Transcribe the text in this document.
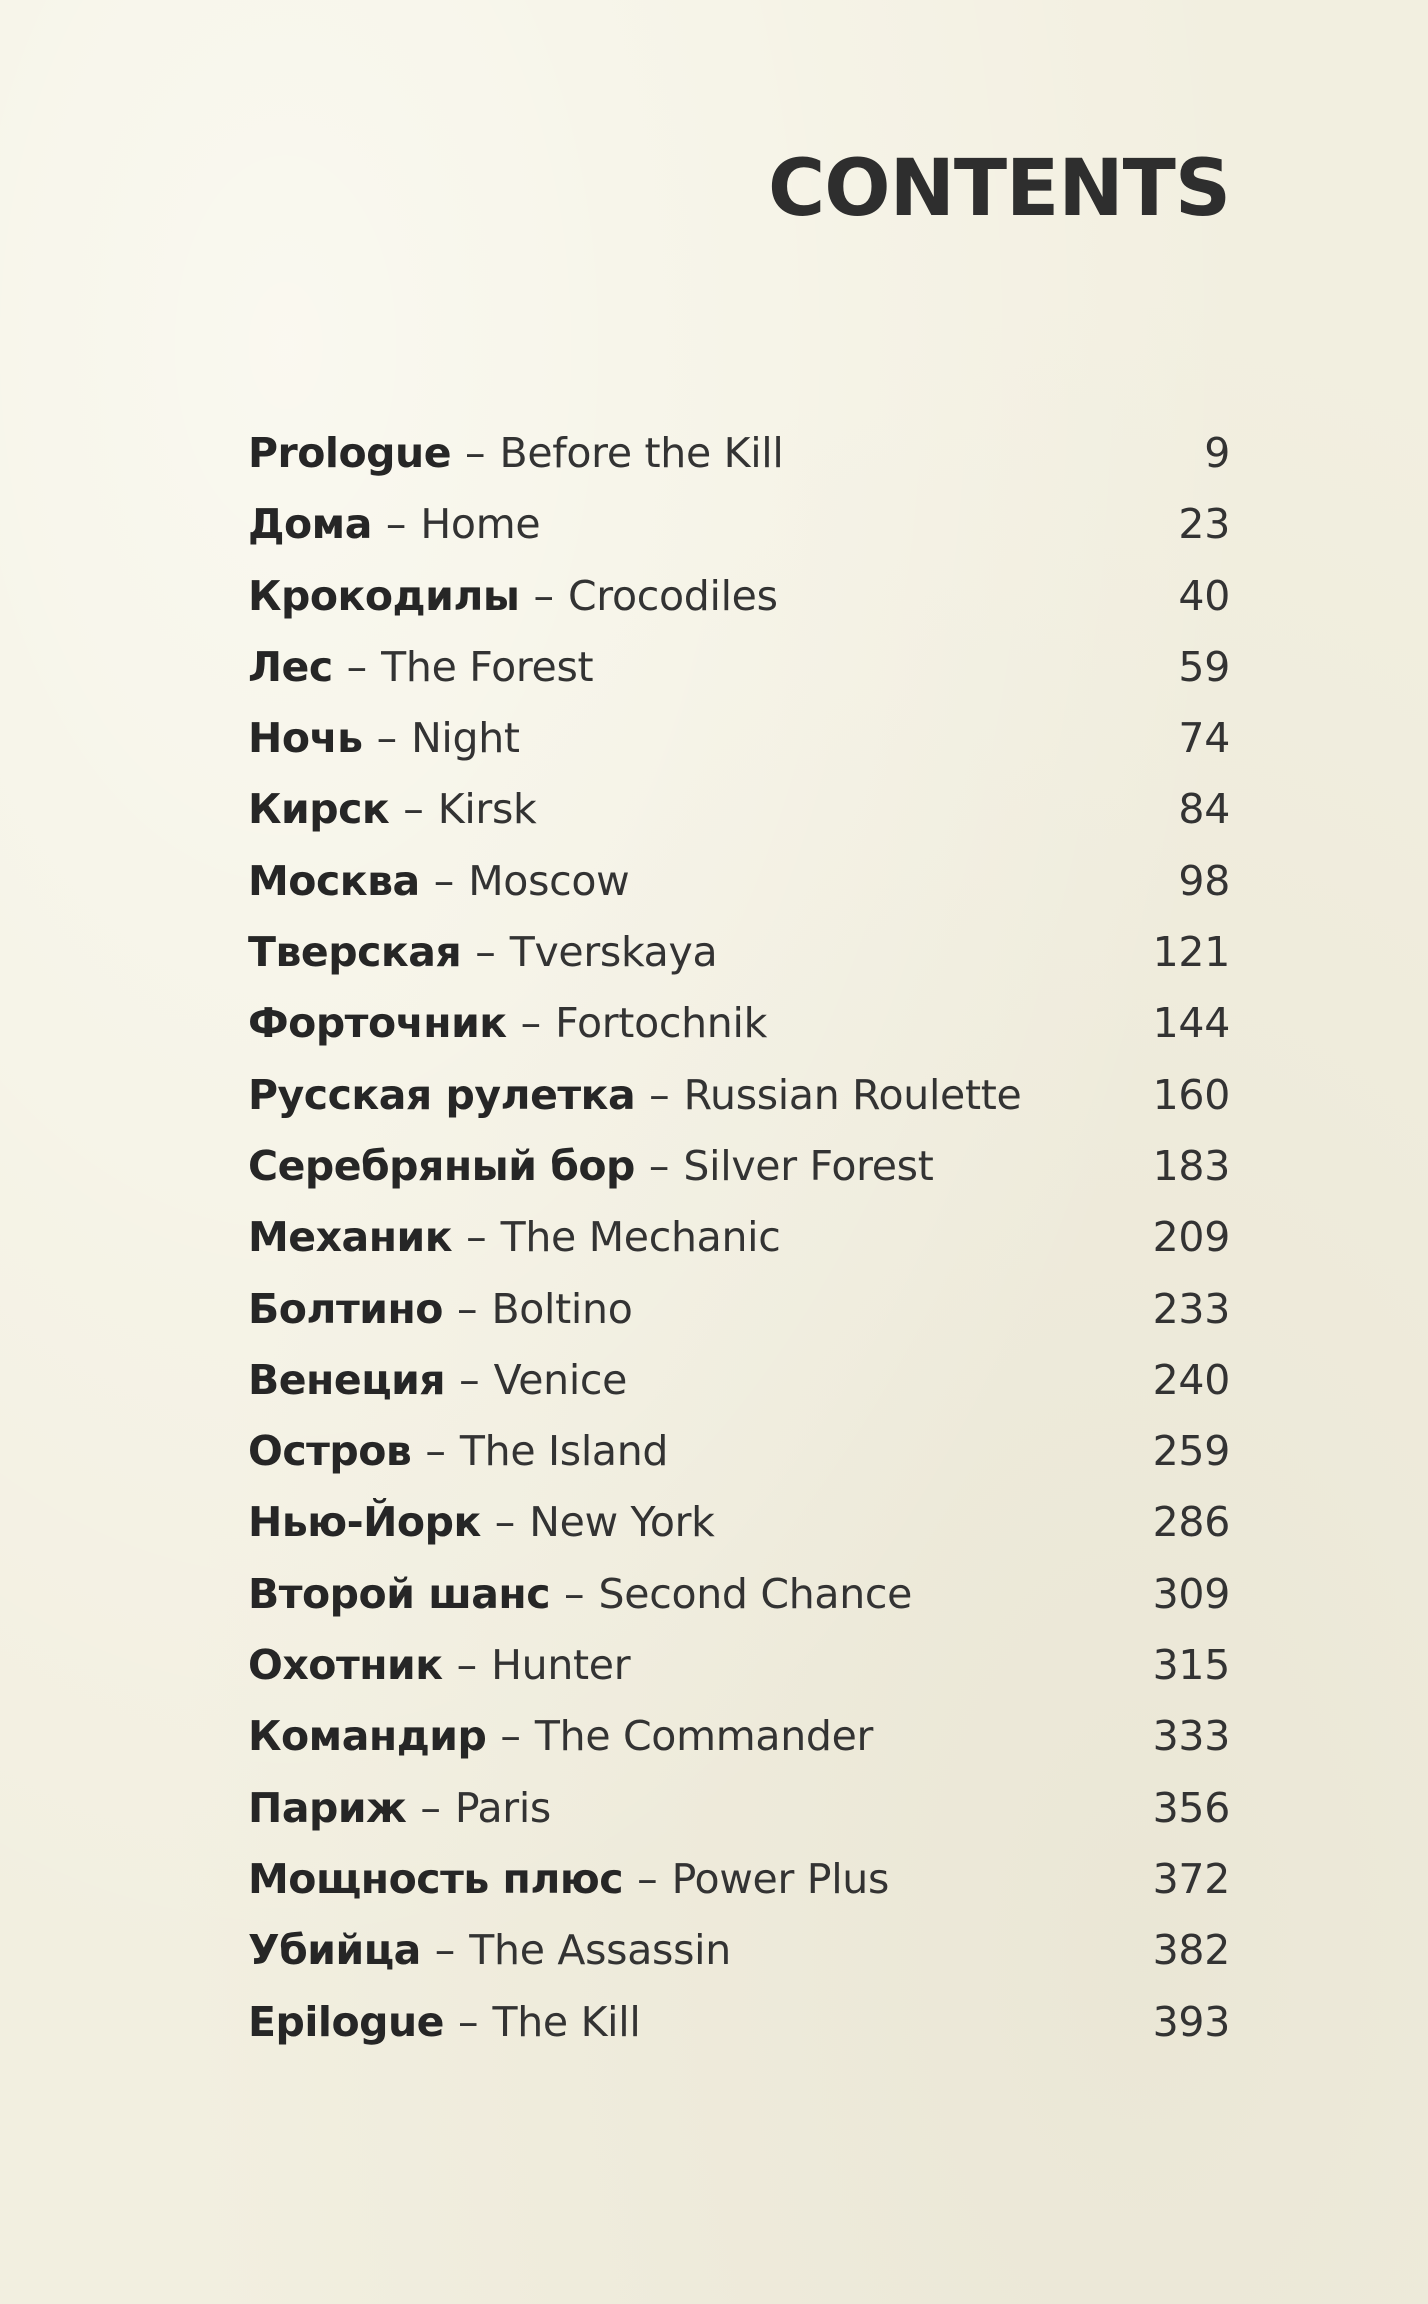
CONTENTS
Prologue – Before the Kill	9
Дома – Home	23
Крокодилы – Crocodiles	40
Лес – The Forest	59
Ночь – Night	74
Кирск – Kirsk	84
Москва – Moscow	98
Тверская – Tverskaya	121
Форточник – Fortochnik	144
Русская рулетка – Russian Roulette	160
Серебряный бор – Silver Forest	183
Механик – The Mechanic	209
Болтино – Boltino	233
Венеция – Venice	240
Остров – The Island	259
Нью-Йорк – New York	286
Второй шанс – Second Chance	309
Охотник – Hunter	315
Командир – The Commander	333
Париж – Paris	356
Мощность плюс – Power Plus	372
Убийца – The Assassin	382
Epilogue – The Kill	393
